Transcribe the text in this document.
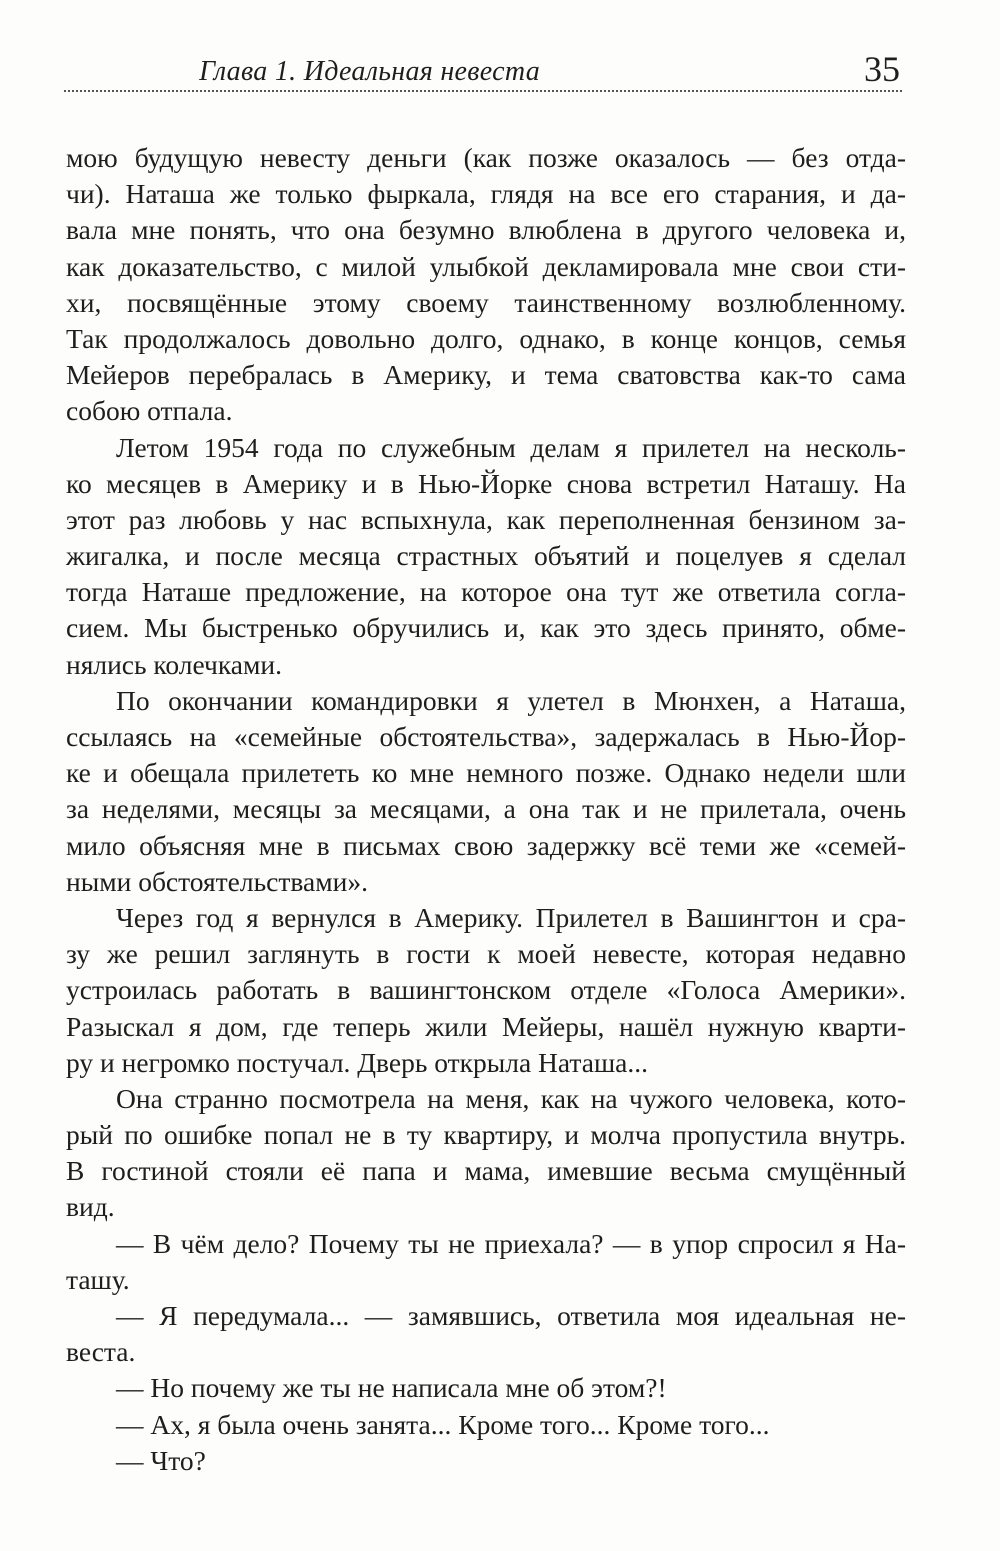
Глава 1. Идеальная невеста	35
мою будущую невесту деньги (как позже оказалось — без отда-
чи). Наташа же только фыркала, глядя на все его старания, и да-
вала мне понять, что она безумно влюблена в другого человека и,
как доказательство, с милой улыбкой декламировала мне свои сти-
хи, посвящённые этому своему таинственному возлюбленному.
Так продолжалось довольно долго, однако, в конце концов, семья
Мейеров перебралась в Америку, и тема сватовства как-то сама
собою отпала.
Летом 1954 года по служебным делам я прилетел на несколь-
ко месяцев в Америку и в Нью-Йорке снова встретил Наташу. На
этот раз любовь у нас вспыхнула, как переполненная бензином за-
жигалка, и после месяца страстных объятий и поцелуев я сделал
тогда Наташе предложение, на которое она тут же ответила согла-
сием. Мы быстренько обручились и, как это здесь принято, обме-
нялись колечками.
По окончании командировки я улетел в Мюнхен, а Наташа,
ссылаясь на «семейные обстоятельства», задержалась в Нью-Йор-
ке и обещала прилететь ко мне немного позже. Однако недели шли
за неделями, месяцы за месяцами, а она так и не прилетала, очень
мило объясняя мне в письмах свою задержку всё теми же «семей-
ными обстоятельствами».
Через год я вернулся в Америку. Прилетел в Вашингтон и сра-
зу же решил заглянуть в гости к моей невесте, которая недавно
устроилась работать в вашингтонском отделе «Голоса Америки».
Разыскал я дом, где теперь жили Мейеры, нашёл нужную кварти-
ру и негромко постучал. Дверь открыла Наташа...
Она странно посмотрела на меня, как на чужого человека, кото-
рый по ошибке попал не в ту квартиру, и молча пропустила внутрь.
В гостиной стояли её папа и мама, имевшие весьма смущённый
вид.
— В чём дело? Почему ты не приехала? — в упор спросил я На-
ташу.
— Я передумала... — замявшись, ответила моя идеальная не-
веста.
— Но почему же ты не написала мне об этом?!
— Ах, я была очень занята... Кроме того... Кроме того...
— Что?
